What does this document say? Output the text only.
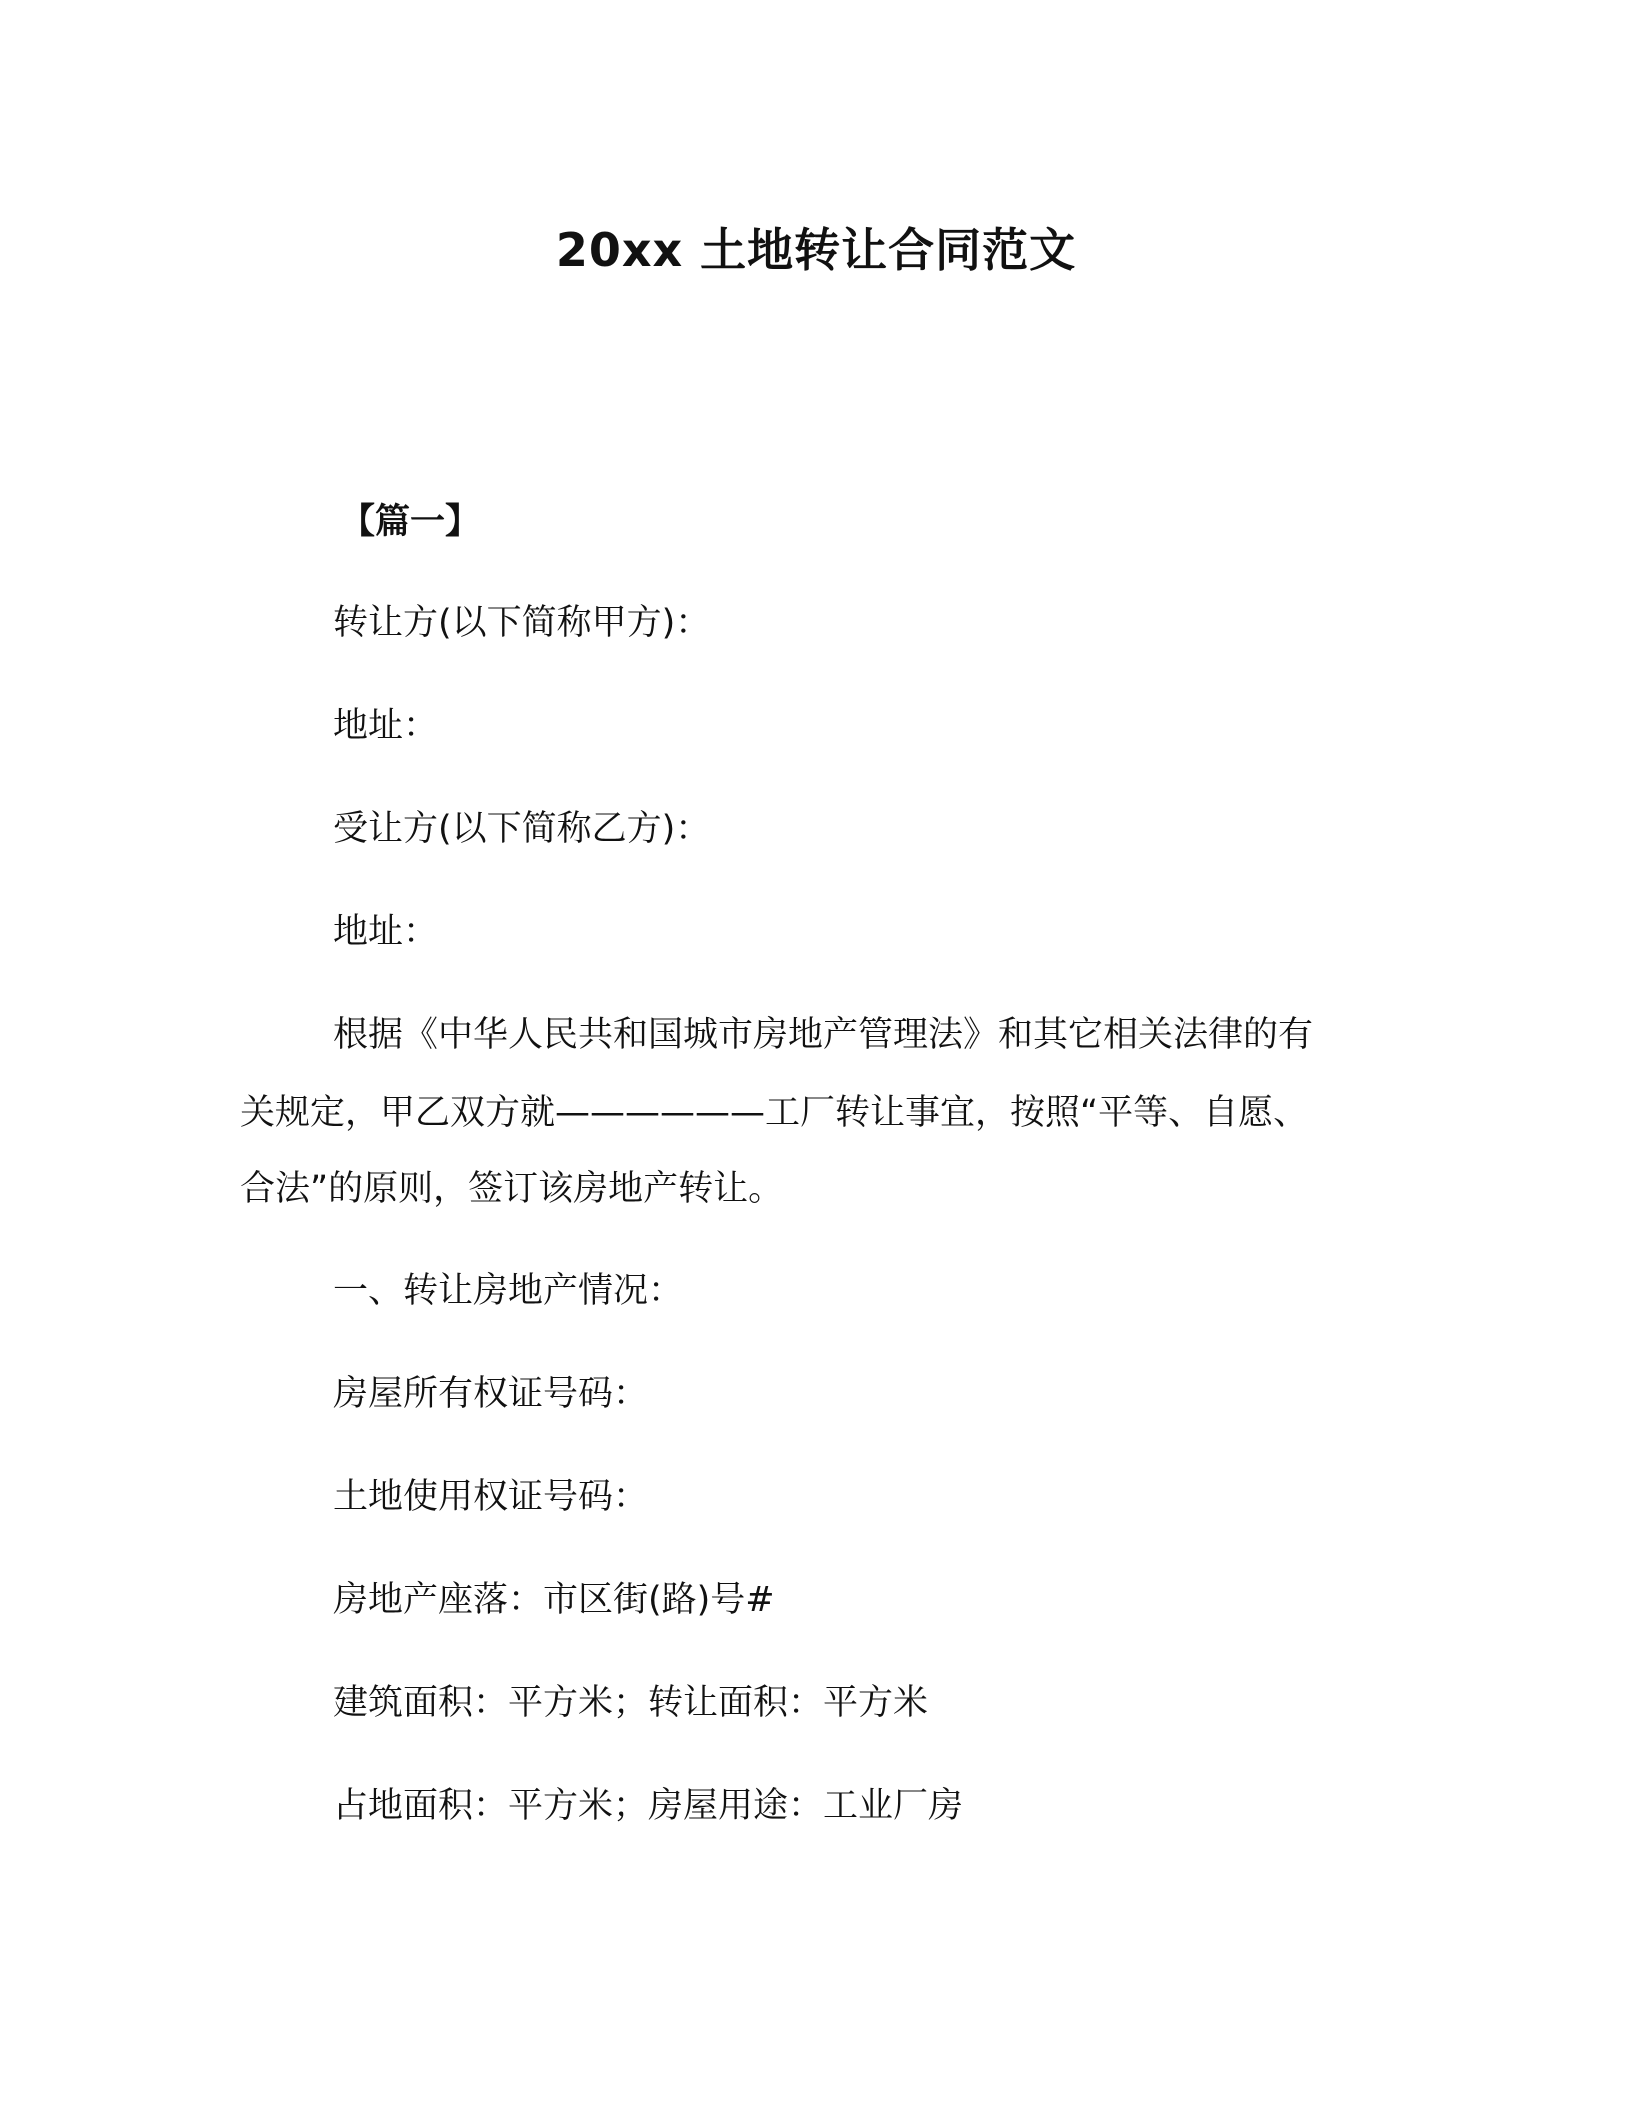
20xx 土地转让合同范文

【篇一】

转让方(以下简称甲方)：

地址：

受让方(以下简称乙方)：

地址：

根据《中华人民共和国城市房地产管理法》和其它相关法律的有

关规定，甲乙双方就——————工厂转让事宜，按照“平等、自愿、

合法”的原则，签订该房地产转让。

一、转让房地产情况：

房屋所有权证号码：

土地使用权证号码：

房地产座落：市区街(路)号#

建筑面积：平方米；转让面积：平方米

占地面积：平方米；房屋用途：工业厂房
